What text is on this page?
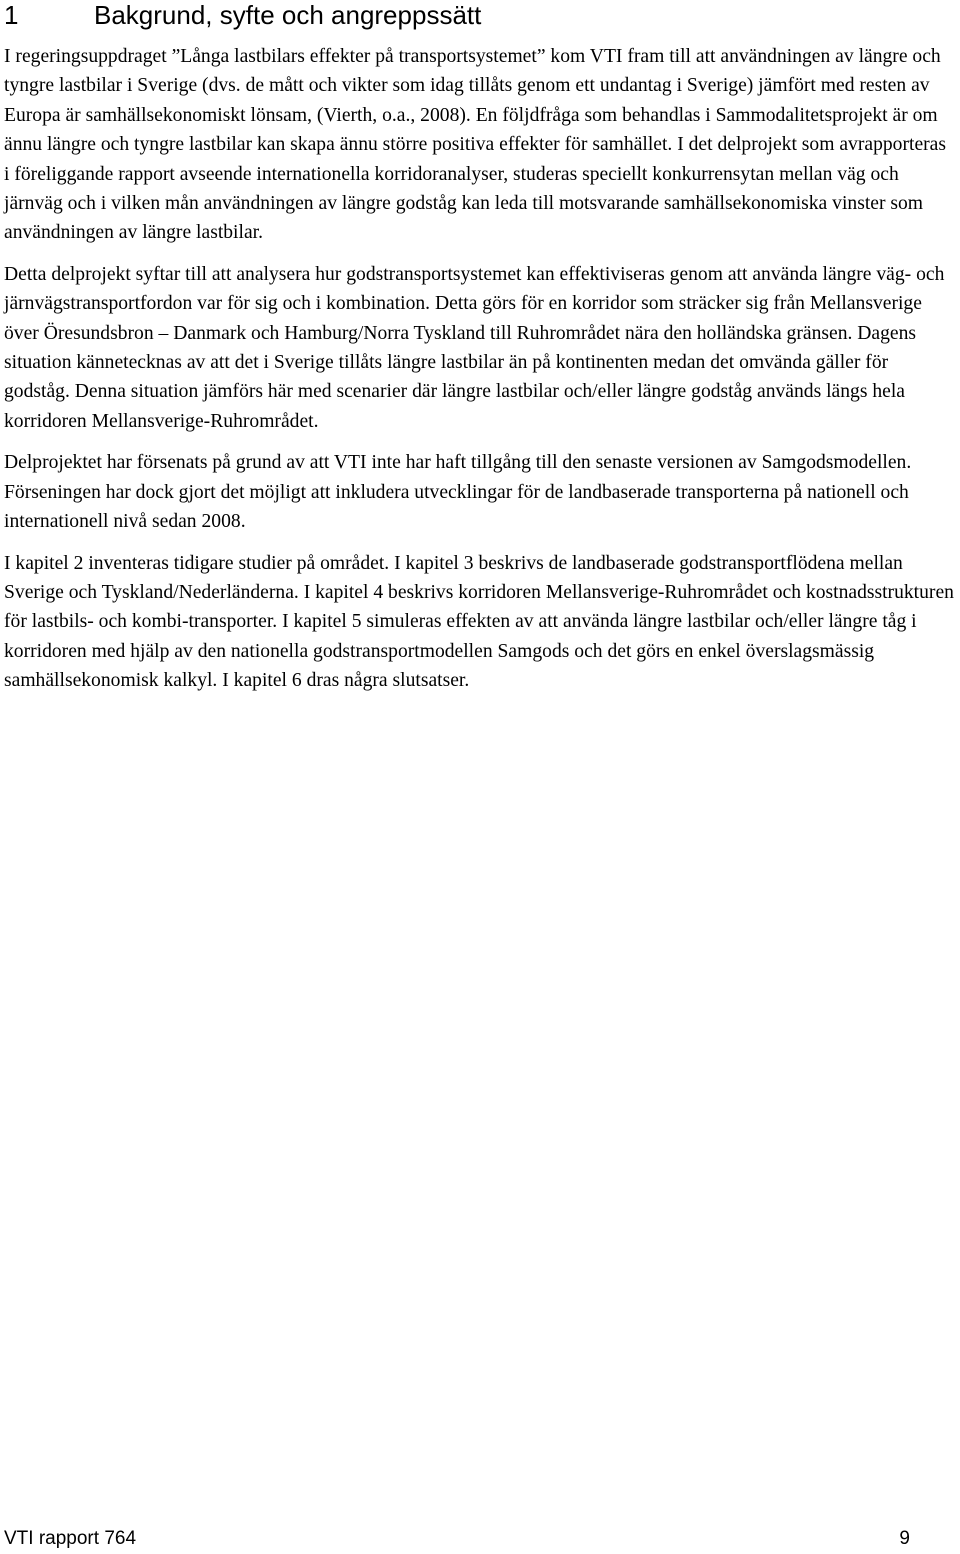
1	Bakgrund, syfte och angreppssätt

I regeringsuppdraget ”Långa lastbilars effekter på transportsystemet” kom VTI fram till att användningen av längre och tyngre lastbilar i Sverige (dvs. de mått och vikter som idag tillåts genom ett undantag i Sverige) jämfört med resten av Europa är samhällsekonomiskt lönsam, (Vierth, o.a., 2008). En följdfråga som behandlas i Sammodalitetsprojekt är om ännu längre och tyngre lastbilar kan skapa ännu större positiva effekter för samhället. I det delprojekt som avrapporteras i föreliggande rapport avseende internationella korridoranalyser, studeras speciellt konkurrensytan mellan väg och järnväg och i vilken mån användningen av längre godståg kan leda till motsvarande samhällsekonomiska vinster som användningen av längre lastbilar.

Detta delprojekt syftar till att analysera hur godstransportsystemet kan effektiviseras genom att använda längre väg- och järnvägstransportfordon var för sig och i kombination. Detta görs för en korridor som sträcker sig från Mellansverige över Öresundsbron – Danmark och Hamburg/Norra Tyskland till Ruhrområdet nära den holländska gränsen. Dagens situation kännetecknas av att det i Sverige tillåts längre lastbilar än på kontinenten medan det omvända gäller för godståg. Denna situation jämförs här med scenarier där längre lastbilar och/eller längre godståg används längs hela korridoren Mellansverige-Ruhrområdet.

Delprojektet har försenats på grund av att VTI inte har haft tillgång till den senaste versionen av Samgodsmodellen. Förseningen har dock gjort det möjligt att inkludera utvecklingar för de landbaserade transporterna på nationell och internationell nivå sedan 2008.

I kapitel 2 inventeras tidigare studier på området. I kapitel 3 beskrivs de landbaserade godstransportflödena mellan Sverige och Tyskland/Nederländerna. I kapitel 4 beskrivs korridoren Mellansverige-Ruhrområdet och kostnadsstrukturen för lastbils- och kombi-transporter. I kapitel 5 simuleras effekten av att använda längre lastbilar och/eller längre tåg i korridoren med hjälp av den nationella godstransportmodellen Samgods och det görs en enkel överslagsmässig samhällsekonomisk kalkyl. I kapitel 6 dras några slutsatser.

VTI rapport 764	9
